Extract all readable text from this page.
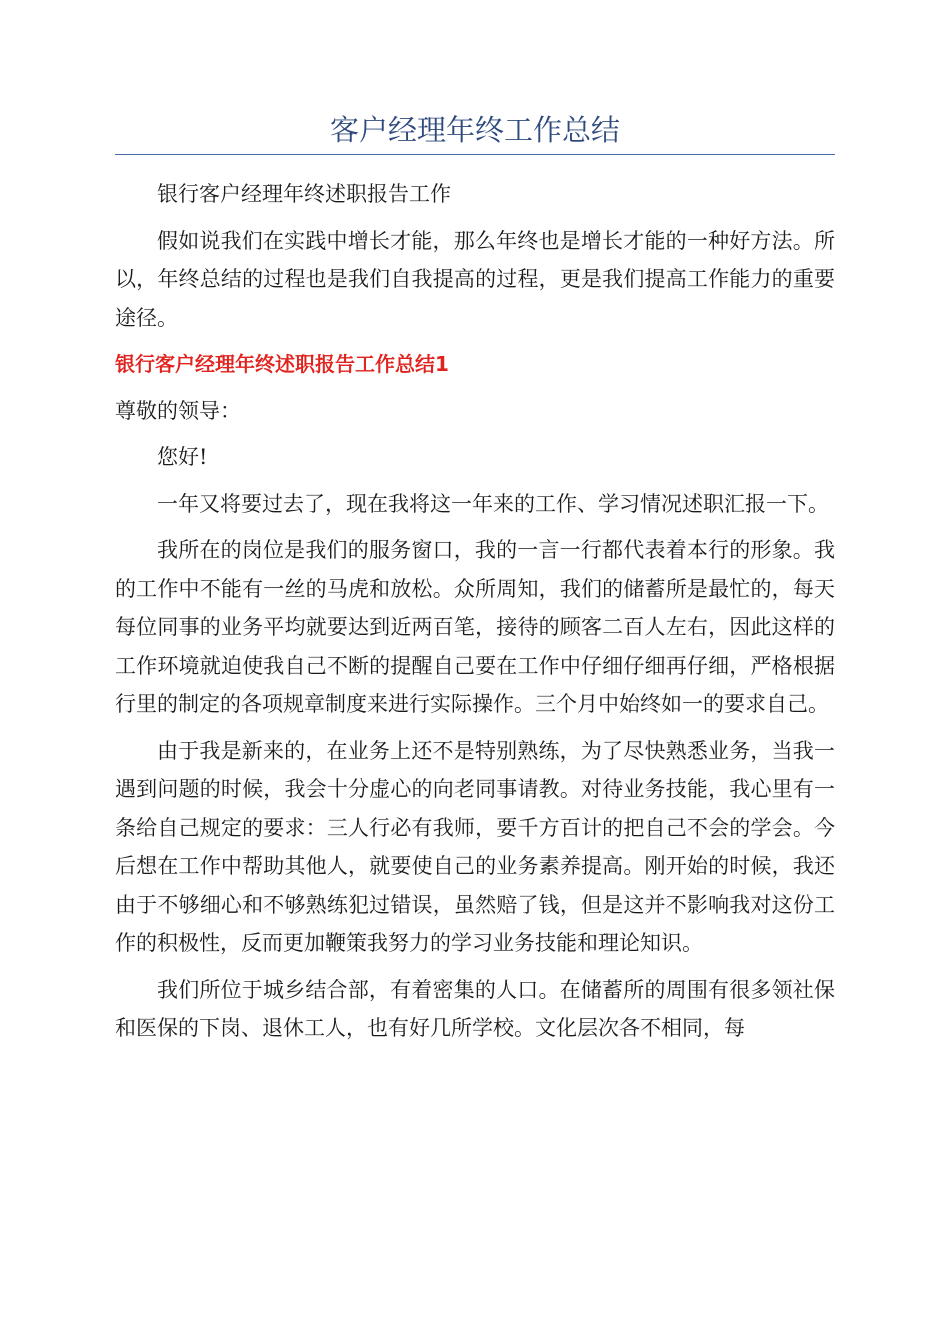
客户经理年终工作总结

银行客户经理年终述职报告工作

假如说我们在实践中增长才能，那么年终也是增长才能的一种好方法。所以，年终总结的过程也是我们自我提高的过程，更是我们提高工作能力的重要途径。

银行客户经理年终述职报告工作总结1

尊敬的领导：

您好!

一年又将要过去了，现在我将这一年来的工作、学习情况述职汇报一下。

我所在的岗位是我们的服务窗口，我的一言一行都代表着本行的形象。我的工作中不能有一丝的马虎和放松。众所周知，我们的储蓄所是最忙的，每天每位同事的业务平均就要达到近两百笔，接待的顾客二百人左右，因此这样的工作环境就迫使我自己不断的提醒自己要在工作中仔细仔细再仔细，严格根据行里的制定的各项规章制度来进行实际操作。三个月中始终如一的要求自己。

由于我是新来的，在业务上还不是特别熟练，为了尽快熟悉业务，当我一遇到问题的时候，我会十分虚心的向老同事请教。对待业务技能，我心里有一条给自己规定的要求：三人行必有我师，要千方百计的把自己不会的学会。今后想在工作中帮助其他人，就要使自己的业务素养提高。刚开始的时候，我还由于不够细心和不够熟练犯过错误，虽然赔了钱，但是这并不影响我对这份工作的积极性，反而更加鞭策我努力的学习业务技能和理论知识。

我们所位于城乡结合部，有着密集的人口。在储蓄所的周围有很多领社保和医保的下岗、退休工人，也有好几所学校。文化层次各不相同，每
